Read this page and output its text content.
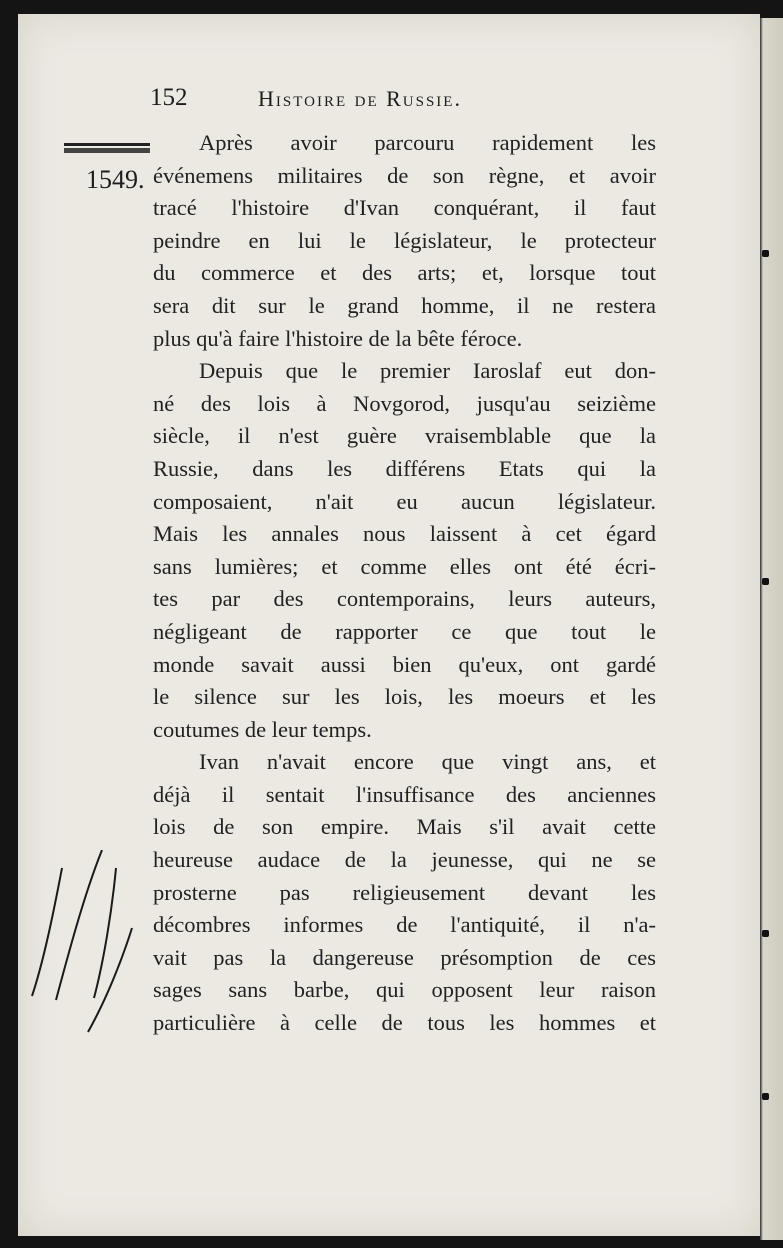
152	Histoire de Russie.
1549.
Après avoir parcouru rapidement les
événemens militaires de son règne, et avoir
tracé l'histoire d'Ivan conquérant, il faut
peindre en lui le législateur, le protecteur
du commerce et des arts; et, lorsque tout
sera dit sur le grand homme, il ne restera
plus qu'à faire l'histoire de la bête féroce.
Depuis que le premier Iaroslaf eut don-
né des lois à Novgorod, jusqu'au seizième
siècle, il n'est guère vraisemblable que la
Russie, dans les différens Etats qui la
composaient, n'ait eu aucun législateur.
Mais les annales nous laissent à cet égard
sans lumières; et comme elles ont été écri-
tes par des contemporains, leurs auteurs,
négligeant de rapporter ce que tout le
monde savait aussi bien qu'eux, ont gardé
le silence sur les lois, les moeurs et les
coutumes de leur temps.
Ivan n'avait encore que vingt ans, et
déjà il sentait l'insuffisance des anciennes
lois de son empire. Mais s'il avait cette
heureuse audace de la jeunesse, qui ne se
prosterne pas religieusement devant les
décombres informes de l'antiquité, il n'a-
vait pas la dangereuse présomption de ces
sages sans barbe, qui opposent leur raison
particulière à celle de tous les hommes et
